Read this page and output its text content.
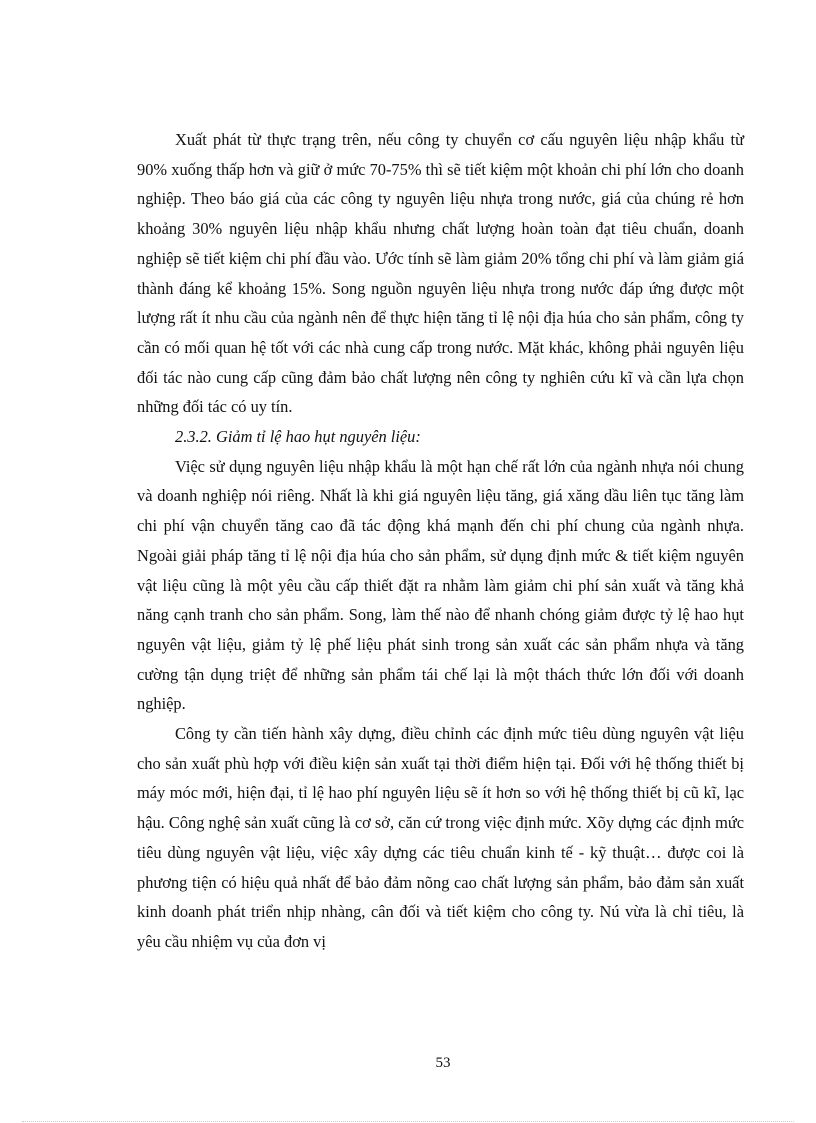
Xuất phát từ thực trạng trên, nếu công ty chuyển cơ cấu nguyên liệu nhập khẩu từ 90% xuống thấp hơn và giữ ở mức 70-75% thì sẽ tiết kiệm một khoản chi phí lớn cho doanh nghiệp. Theo báo giá của các công ty nguyên liệu nhựa trong nước, giá của chúng rẻ hơn khoảng 30% nguyên liệu nhập khẩu nhưng chất lượng hoàn toàn đạt tiêu chuẩn, doanh nghiệp sẽ tiết kiệm chi phí đầu vào. Ước tính sẽ làm giảm 20% tổng chi phí và làm giảm giá thành đáng kể khoảng 15%. Song nguồn nguyên liệu nhựa trong nước đáp ứng được một lượng rất ít nhu cầu của ngành nên để thực hiện tăng tỉ lệ nội địa húa cho sản phẩm, công ty cần có mối quan hệ tốt với các nhà cung cấp trong nước. Mặt khác, không phải nguyên liệu đối tác nào cung cấp cũng đảm bảo chất lượng nên công ty nghiên cứu kĩ và cần lựa chọn những đối tác có uy tín.

2.3.2. Giảm tỉ lệ hao hụt nguyên liệu:

Việc sử dụng nguyên liệu nhập khẩu là một hạn chế rất lớn của ngành nhựa nói chung và doanh nghiệp nói riêng. Nhất là khi giá nguyên liệu tăng, giá xăng dầu liên tục tăng làm chi phí vận chuyển tăng cao đã tác động khá mạnh đến chi phí chung của ngành nhựa. Ngoài giải pháp tăng tỉ lệ nội địa húa cho sản phẩm, sử dụng định mức & tiết kiệm nguyên vật liệu cũng là một yêu cầu cấp thiết đặt ra nhằm làm giảm chi phí sản xuất và tăng khả năng cạnh tranh cho sản phẩm. Song, làm thế nào để nhanh chóng giảm được tỷ lệ hao hụt nguyên vật liệu, giảm tỷ lệ phế liệu phát sinh trong sản xuất các sản phẩm nhựa và tăng cường tận dụng triệt để những sản phẩm tái chế lại là một thách thức lớn đối với doanh nghiệp.

Công ty cần tiến hành xây dựng, điều chỉnh các định mức tiêu dùng nguyên vật liệu cho sản xuất phù hợp với điều kiện sản xuất tại thời điểm hiện tại. Đối với hệ thống thiết bị máy móc mới, hiện đại, tỉ lệ hao phí nguyên liệu sẽ ít hơn so với hệ thống thiết bị cũ kĩ, lạc hậu. Công nghệ sản xuất cũng là cơ sở, căn cứ trong việc định mức. Xõy dựng các định mức tiêu dùng nguyên vật liệu, việc xây dựng các tiêu chuẩn kinh tế - kỹ thuật… được coi là phương tiện có hiệu quả nhất để bảo đảm nõng cao chất lượng sản phẩm, bảo đảm sản xuất kinh doanh phát triển nhịp nhàng, cân đối và tiết kiệm cho công ty. Nú vừa là chỉ tiêu, là yêu cầu nhiệm vụ của đơn vị

53
